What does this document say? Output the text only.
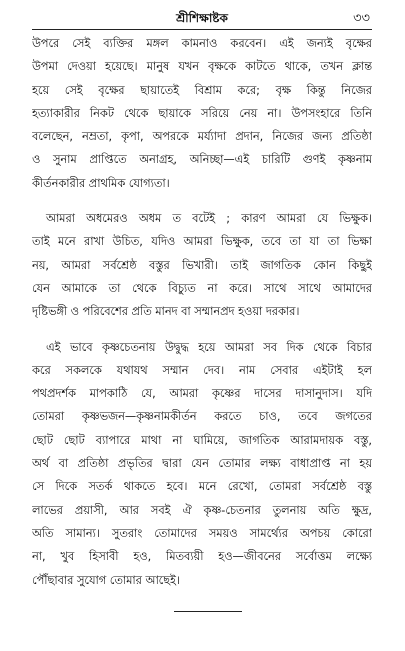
শ্রীশিক্ষাষ্টক	৩৩
উপরে সেই ব্যক্তির মঙ্গল কামনাও করবেন। এই জন্যই বৃক্ষের
উপমা দেওয়া হয়েছে। মানুষ যখন বৃক্ষকে কাটতে থাকে, তখন ক্লান্ত
হয়ে সেই বৃক্ষের ছায়াতেই বিশ্রাম করে; বৃক্ষ কিন্তু নিজের
হত্যাকারীর নিকট থেকে ছায়াকে সরিয়ে নেয় না। উপসংহারে তিনি
বলেছেন, নম্রতা, কৃপা, অপরকে মর্য্যাদা প্রদান, নিজের জন্য প্রতিষ্ঠা
ও সুনাম প্রাপ্তিতে অনাগ্রহ, অনিচ্ছা—এই চারিটি গুণই কৃষ্ণনাম
কীর্তনকারীর প্রাথমিক যোগ্যতা।
আমরা অধমেরও অধম ত বটেই ; কারণ আমরা যে ভিক্ষুক।
তাই মনে রাখা উচিত, যদিও আমরা ভিক্ষুক, তবে তা যা তা ভিক্ষা
নয়, আমরা সর্বশ্রেষ্ঠ বস্তুর ভিখারী। তাই জাগতিক কোন কিছুই
যেন আমাকে তা থেকে বিচ্যুত না করে। সাথে সাথে আমাদের
দৃষ্টিভঙ্গী ও পরিবেশের প্রতি মানদ বা সম্মানপ্রদ হওয়া দরকার।
এই ভাবে কৃষ্ণচেতনায় উদ্বুদ্ধ হয়ে আমরা সব দিক থেকে বিচার
করে সকলকে যথাযথ সম্মান দেব। নাম সেবার এইটাই হল
পথপ্রদর্শক মাপকাঠি যে, আমরা কৃষ্ণের দাসের দাসানুদাস। যদি
তোমরা কৃষ্ণভজন—কৃষ্ণনামকীর্তন করতে চাও, তবে জগতের
ছোট ছোট ব্যাপারে মাথা না ঘামিয়ে, জাগতিক আরামদায়ক বস্তু,
অর্থ বা প্রতিষ্ঠা প্রভৃতির দ্বারা যেন তোমার লক্ষ্য বাধাপ্রাপ্ত না হয়
সে দিকে সতর্ক থাকতে হবে। মনে রেখো, তোমরা সর্বশ্রেষ্ঠ বস্তু
লাভের প্রয়াসী, আর সবই ঐ কৃষ্ণ-চেতনার তুলনায় অতি ক্ষুদ্র,
অতি সামান্য। সুতরাং তোমাদের সময়ও সামর্থ্যের অপচয় কোরো
না, খুব হিসাবী হও, মিতব্যয়ী হও—জীবনের সর্বোত্তম লক্ষ্যে
পৌঁছাবার সুযোগ তোমার আছেই।
